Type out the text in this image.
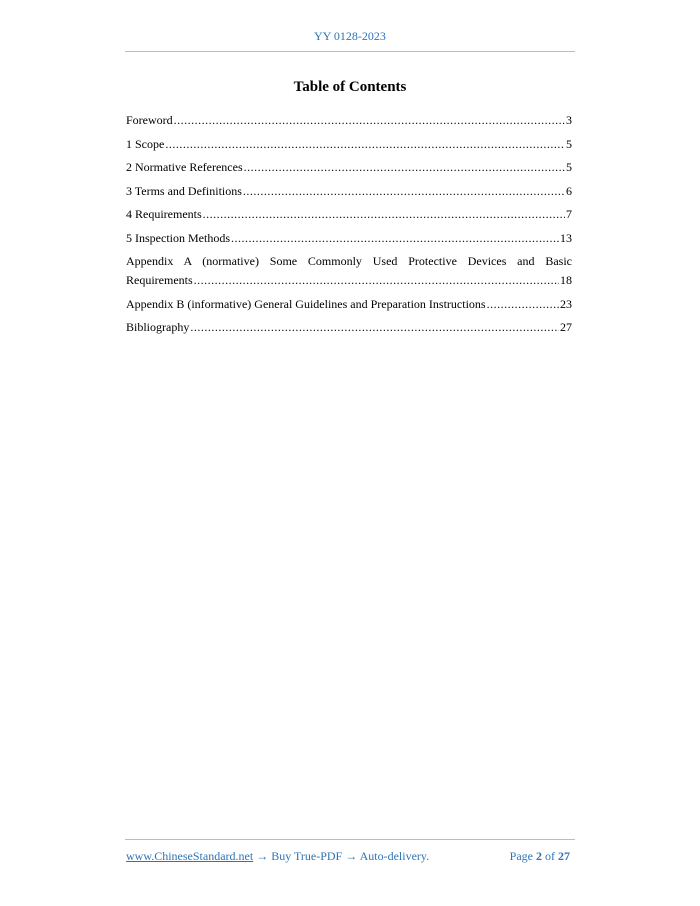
YY 0128-2023
Table of Contents
Foreword .....	3
1 Scope .....	5
2 Normative References .....	5
3 Terms and Definitions .....	6
4 Requirements .....	7
5 Inspection Methods .....	13
Appendix A (normative) Some Commonly Used Protective Devices and Basic
Requirements .....	18
Appendix B (informative) General Guidelines and Preparation Instructions .....	23
Bibliography .....	27
www.ChineseStandard.net → Buy True-PDF → Auto-delivery.	Page 2 of 27
